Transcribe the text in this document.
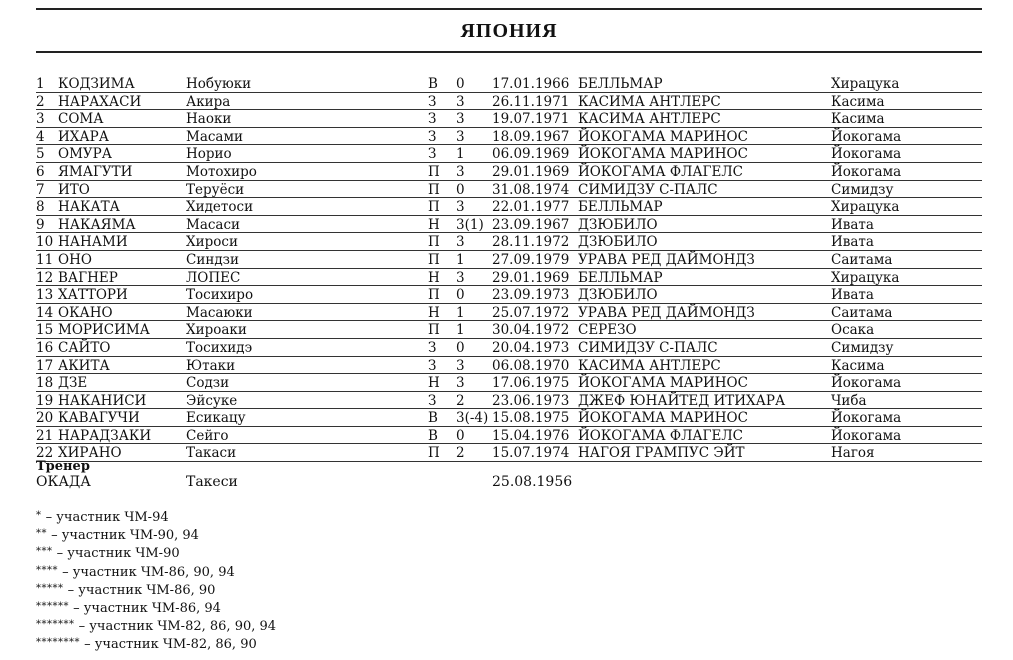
ЯПОНИЯ
1 КОДЗИМА	Нобуюки	В 0 17.01.1966 БЕЛЛЬМАР	Хирацука
2 НАРАХАСИ	Акира	З 3 26.11.1971 КАСИМА АНТЛЕРС	Касима
3 СОМА	Наоки	З 3 19.07.1971 КАСИМА АНТЛЕРС	Касима
4 ИХАРА	Масами	З 3 18.09.1967 ЙОКОГАМА МАРИНОС	Йокогама
5 ОМУРА	Норио	З 1 06.09.1969 ЙОКОГАМА МАРИНОС	Йокогама
6 ЯМАГУТИ	Мотохиро	П 3 29.01.1969 ЙОКОГАМА ФЛАГЕЛС	Йокогама
7 ИТО	Теруёси	П 0 31.08.1974 СИМИДЗУ С-ПАЛС	Симидзу
8 НАКАТА	Хидетоси	П 3 22.01.1977 БЕЛЛЬМАР	Хирацука
9 НАКАЯМА	Масаси	Н 3(1) 23.09.1967 ДЗЮБИЛО	Ивата
10 НАНАМИ	Хироси	П 3 28.11.1972 ДЗЮБИЛО	Ивата
11 ОНО	Синдзи	П 1 27.09.1979 УРАВА РЕД ДАЙМОНДЗ	Саитама
12 ВАГНЕР	ЛОПЕС	Н 3 29.01.1969 БЕЛЛЬМАР	Хирацука
13 ХАТТОРИ	Тосихиро	П 0 23.09.1973 ДЗЮБИЛО	Ивата
14 ОКАНО	Масаюки	Н 1 25.07.1972 УРАВА РЕД ДАЙМОНДЗ	Саитама
15 МОРИСИМА	Хироаки	П 1 30.04.1972 СЕРЕЗО	Осака
16 САЙТО	Тосихидэ	З 0 20.04.1973 СИМИДЗУ С-ПАЛС	Симидзу
17 АКИТА	Ютаки	З 3 06.08.1970 КАСИМА АНТЛЕРС	Касима
18 ДЗЕ	Содзи	Н 3 17.06.1975 ЙОКОГАМА МАРИНОС	Йокогама
19 НАКАНИСИ	Эйсуке	З 2 23.06.1973 ДЖЕФ ЮНАЙТЕД ИТИХАРА	Чиба
20 КАВАГУЧИ	Есикацу	В 3(-4) 15.08.1975 ЙОКОГАМА МАРИНОС	Йокогама
21 НАРАДЗАКИ	Сейго	В 0 15.04.1976 ЙОКОГАМА ФЛАГЕЛС	Йокогама
22 ХИРАНО	Такаси	П 2 15.07.1974 НАГОЯ ГРАМПУС ЭЙТ	Нагоя
Тренер
ОКАДА	Такеси	25.08.1956
* – участник ЧМ-94
** – участник ЧМ-90, 94
*** – участник ЧМ-90
**** – участник ЧМ-86, 90, 94
***** – участник ЧМ-86, 90
****** – участник ЧМ-86, 94
******* – участник ЧМ-82, 86, 90, 94
******** – участник ЧМ-82, 86, 90
